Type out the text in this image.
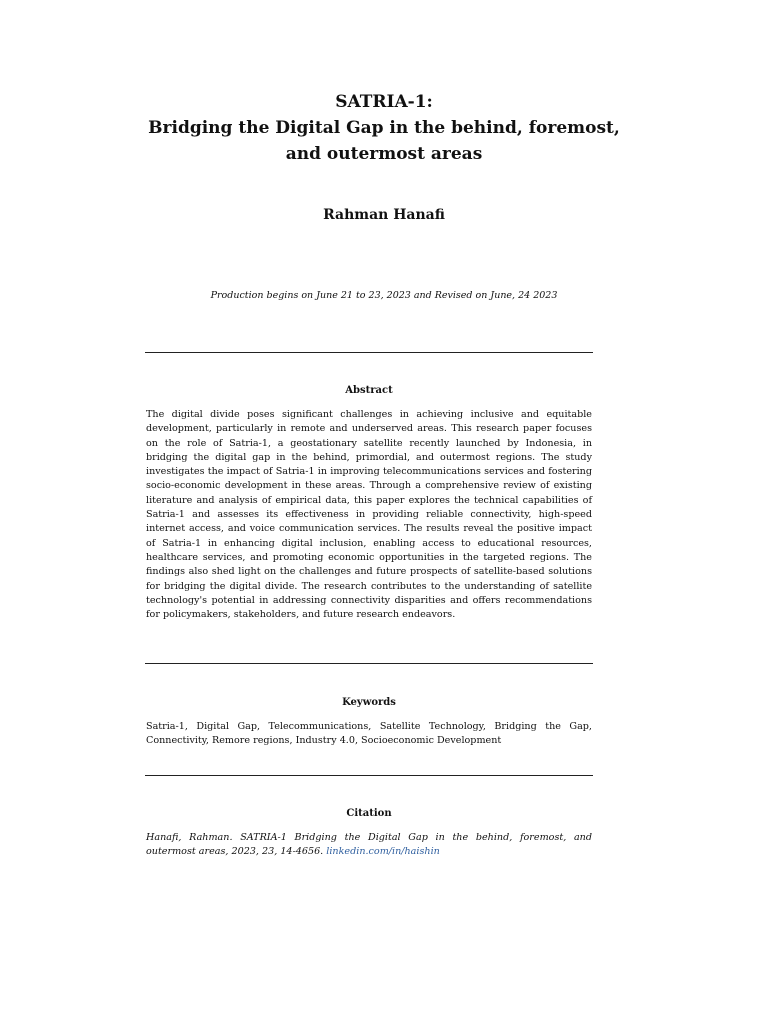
SATRIA-1:
Bridging the Digital Gap in the behind, foremost,
and outermost areas
Rahman Hanafi
Production begins on June 21 to 23, 2023 and Revised on June, 24 2023
Abstract
The digital divide poses significant challenges in achieving inclusive and equitable development, particularly in remote and underserved areas. This research paper focuses on the role of Satria-1, a geostationary satellite recently launched by Indonesia, in bridging the digital gap in the behind, primordial, and outermost regions. The study investigates the impact of Satria-1 in improving telecommunications services and fostering socio-economic development in these areas. Through a comprehensive review of existing literature and analysis of empirical data, this paper explores the technical capabilities of Satria-1 and assesses its effectiveness in providing reliable connectivity, high-speed internet access, and voice communication services. The results reveal the positive impact of Satria-1 in enhancing digital inclusion, enabling access to educational resources, healthcare services, and promoting economic opportunities in the targeted regions. The findings also shed light on the challenges and future prospects of satellite-based solutions for bridging the digital divide. The research contributes to the understanding of satellite technology's potential in addressing connectivity disparities and offers recommendations for policymakers, stakeholders, and future research endeavors.
Keywords
Satria-1, Digital Gap, Telecommunications, Satellite Technology, Bridging the Gap, Connectivity, Remore regions, Industry 4.0, Socioeconomic Development
Citation
Hanafi, Rahman. SATRIA-1 Bridging the Digital Gap in the behind, foremost, and outermost areas, 2023, 23, 14-4656. linkedin.com/in/haishin
